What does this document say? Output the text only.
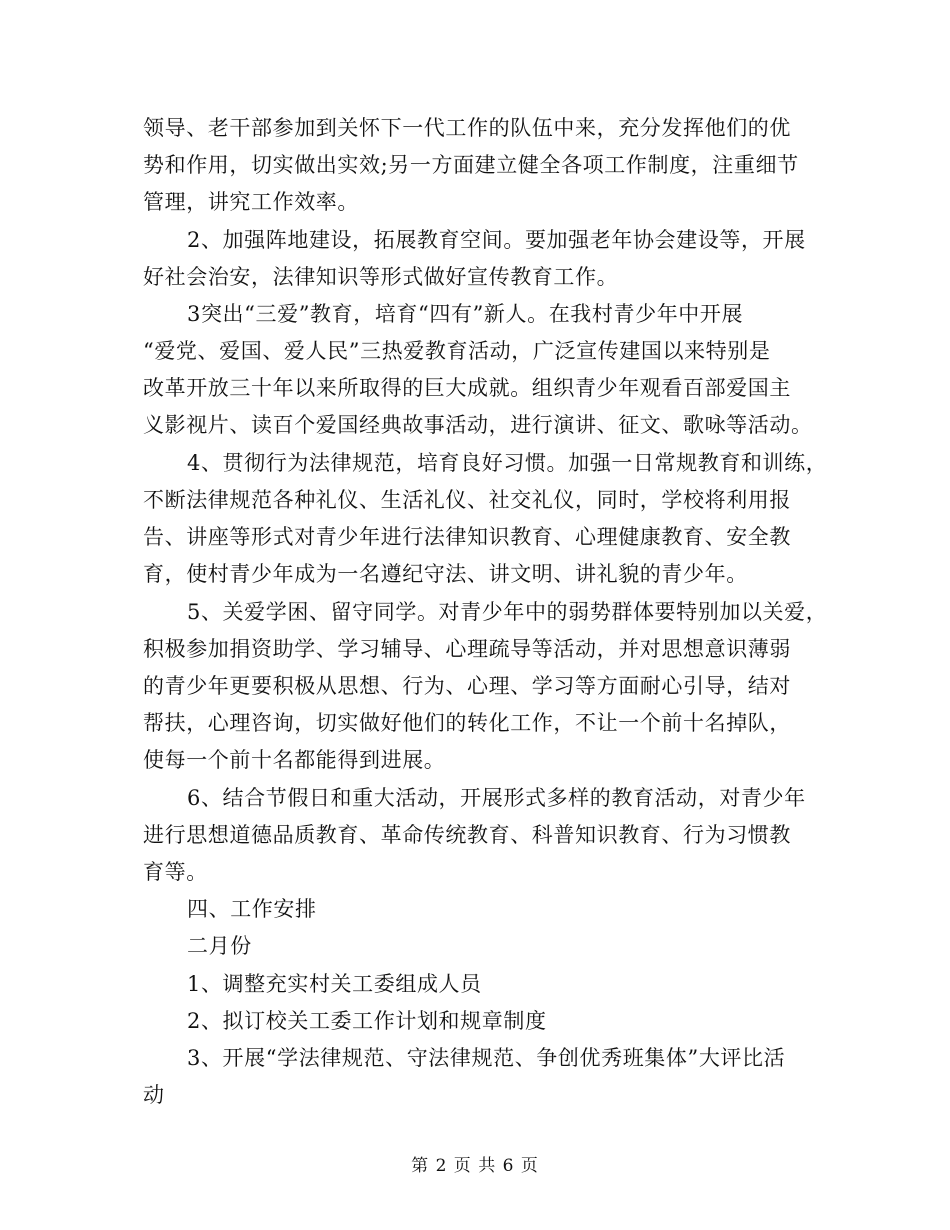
领导、老干部参加到关怀下一代工作的队伍中来，充分发挥他们的优
势和作用，切实做出实效;另一方面建立健全各项工作制度，注重细节
管理，讲究工作效率。
2、加强阵地建设，拓展教育空间。要加强老年协会建设等，开展
好社会治安，法律知识等形式做好宣传教育工作。
3突出“三爱”教育，培育“四有”新人。在我村青少年中开展
“爱党、爱国、爱人民”三热爱教育活动，广泛宣传建国以来特别是
改革开放三十年以来所取得的巨大成就。组织青少年观看百部爱国主
义影视片、读百个爱国经典故事活动，进行演讲、征文、歌咏等活动。
4、贯彻行为法律规范，培育良好习惯。加强一日常规教育和训练，
不断法律规范各种礼仪、生活礼仪、社交礼仪，同时，学校将利用报
告、讲座等形式对青少年进行法律知识教育、心理健康教育、安全教
育，使村青少年成为一名遵纪守法、讲文明、讲礼貌的青少年。
5、关爱学困、留守同学。对青少年中的弱势群体要特别加以关爱，
积极参加捐资助学、学习辅导、心理疏导等活动，并对思想意识薄弱
的青少年更要积极从思想、行为、心理、学习等方面耐心引导，结对
帮扶，心理咨询，切实做好他们的转化工作，不让一个前十名掉队，
使每一个前十名都能得到进展。
6、结合节假日和重大活动，开展形式多样的教育活动，对青少年
进行思想道德品质教育、革命传统教育、科普知识教育、行为习惯教
育等。
四、工作安排
二月份
1、调整充实村关工委组成人员
2、拟订校关工委工作计划和规章制度
3、开展“学法律规范、守法律规范、争创优秀班集体”大评比活
动
第 2 页 共 6 页
